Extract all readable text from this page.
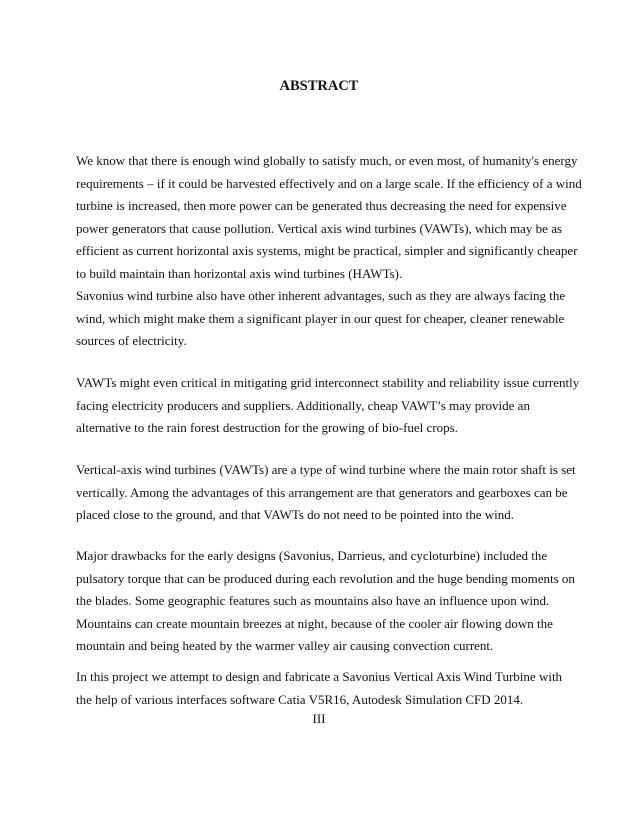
ABSTRACT

We know that there is enough wind globally to satisfy much, or even most, of humanity's energy
requirements – if it could be harvested effectively and on a large scale. If the efficiency of a wind
turbine is increased, then more power can be generated thus decreasing the need for expensive
power generators that cause pollution. Vertical axis wind turbines (VAWTs), which may be as
efficient as current horizontal axis systems, might be practical, simpler and significantly cheaper
to build maintain than horizontal axis wind turbines (HAWTs).

Savonius wind turbine also have other inherent advantages, such as they are always facing the
wind, which might make them a significant player in our quest for cheaper, cleaner renewable
sources of electricity.

VAWTs might even critical in mitigating grid interconnect stability and reliability issue currently
facing electricity producers and suppliers. Additionally, cheap VAWT’s may provide an
alternative to the rain forest destruction for the growing of bio-fuel crops.

Vertical-axis wind turbines (VAWTs) are a type of wind turbine where the main rotor shaft is set
vertically. Among the advantages of this arrangement are that generators and gearboxes can be
placed close to the ground, and that VAWTs do not need to be pointed into the wind.

Major drawbacks for the early designs (Savonius, Darrieus, and cycloturbine) included the
pulsatory torque that can be produced during each revolution and the huge bending moments on
the blades. Some geographic features such as mountains also have an influence upon wind.
Mountains can create mountain breezes at night, because of the cooler air flowing down the
mountain and being heated by the warmer valley air causing convection current.

In this project we attempt to design and fabricate a Savonius Vertical Axis Wind Turbine with
the help of various interfaces software Catia V5R16, Autodesk Simulation CFD 2014.

III
